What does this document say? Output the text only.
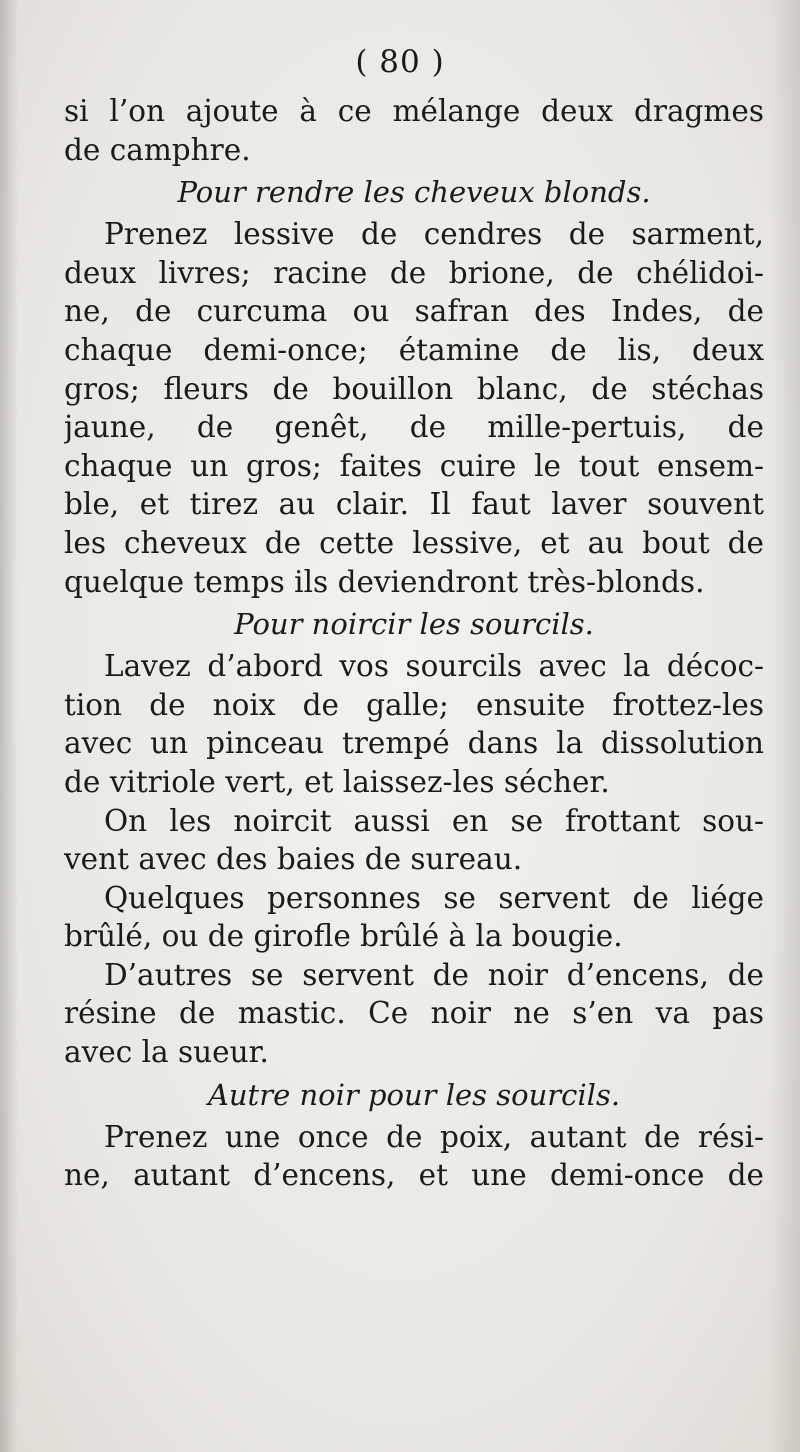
( 80 )
si l’on ajoute à ce mélange deux dragmes
de camphre.
Pour rendre les cheveux blonds.
Prenez lessive de cendres de sarment,
deux livres; racine de brione, de chélidoi-
ne, de curcuma ou safran des Indes, de
chaque demi-once; étamine de lis, deux
gros; fleurs de bouillon blanc, de stéchas
jaune, de genêt, de mille-pertuis, de
chaque un gros; faites cuire le tout ensem-
ble, et tirez au clair. Il faut laver souvent
les cheveux de cette lessive, et au bout de
quelque temps ils deviendront très-blonds.
Pour noircir les sourcils.
Lavez d’abord vos sourcils avec la décoc-
tion de noix de galle; ensuite frottez-les
avec un pinceau trempé dans la dissolution
de vitriole vert, et laissez-les sécher.
On les noircit aussi en se frottant sou-
vent avec des baies de sureau.
Quelques personnes se servent de liége
brûlé, ou de girofle brûlé à la bougie.
D’autres se servent de noir d’encens, de
résine de mastic. Ce noir ne s’en va pas
avec la sueur.
Autre noir pour les sourcils.
Prenez une once de poix, autant de rési-
ne, autant d’encens, et une demi-once de
